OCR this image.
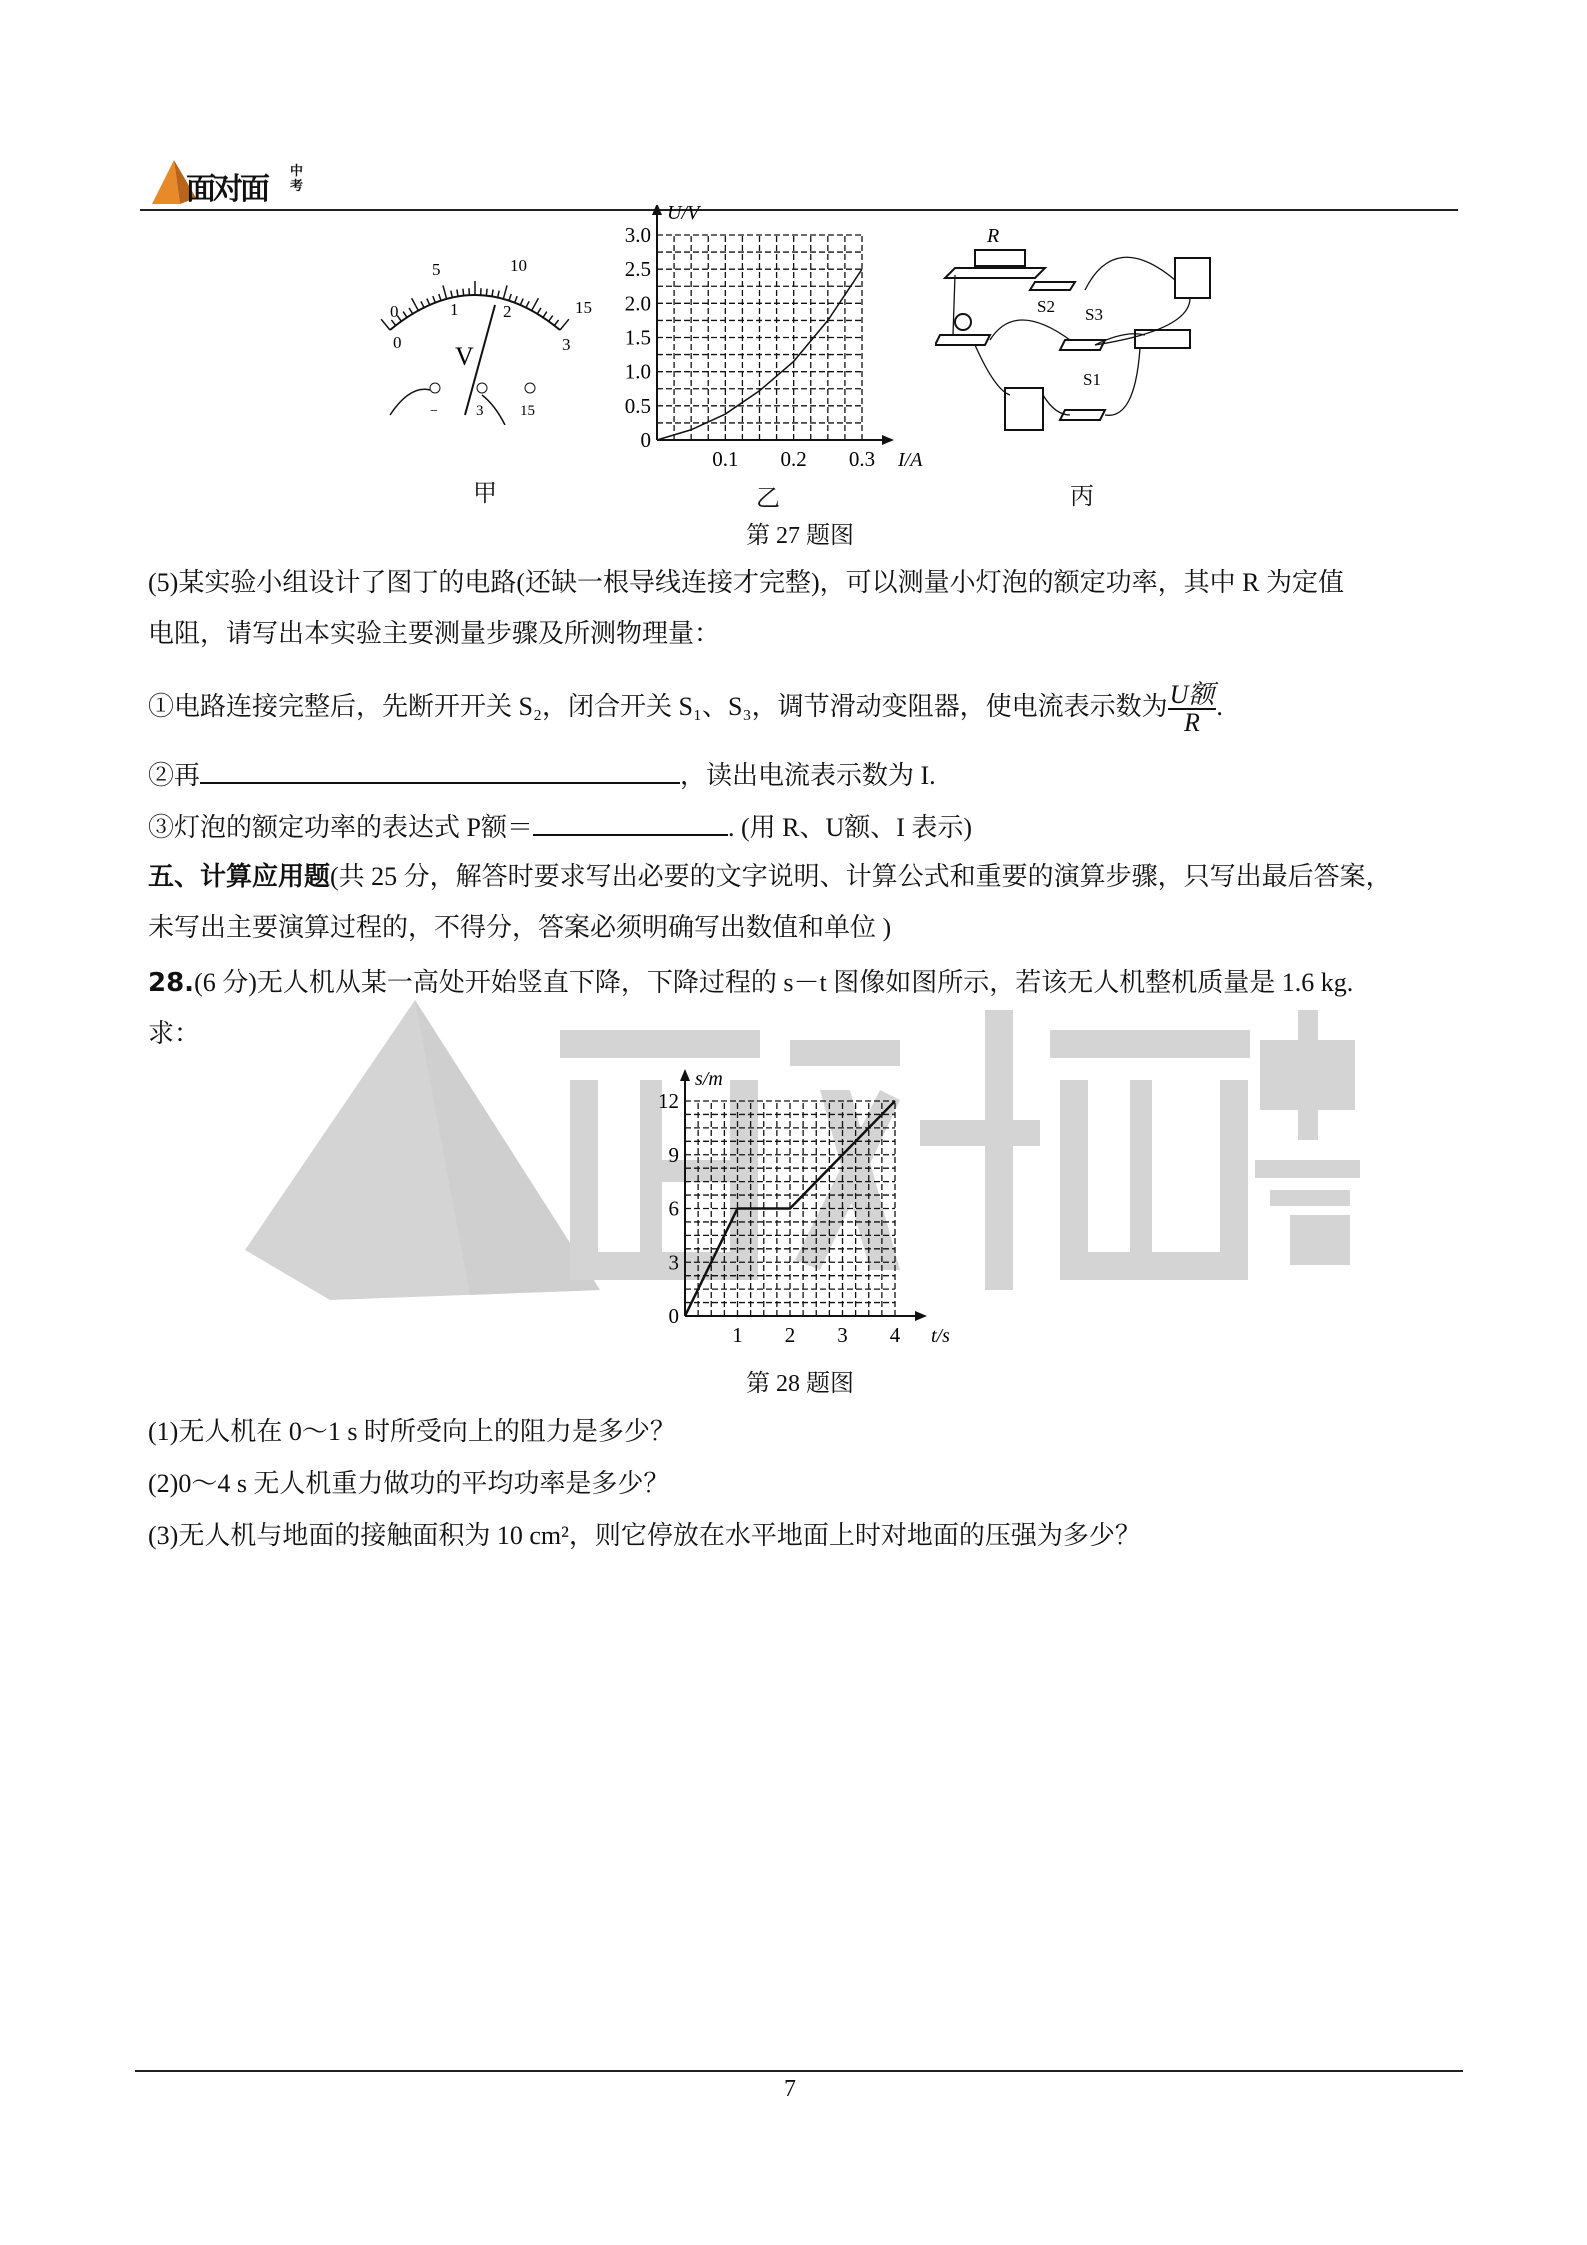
面对面
中考
0
5	10
15
0
1	2
3
V
−	3 15
0.1 0.2 0.3
0
0.5
1.0
1.5
2.0
2.5
3.0
I/A
U/V
R
S2 S3
S1
甲	乙	丙
第 27 题图
(5)某实验小组设计了图丁的电路(还缺一根导线连接才完整)，可以测量小灯泡的额定功率，其中 R 为定值
电阻，请写出本实验主要测量步骤及所测物理量：
①电路连接完整后，先断开开关 S₂，闭合开关 S₁、S₃，调节滑动变阻器，使电流表示数为 $\frac{\text{U额}}{R}$ .
②再	，读出电流表示数为 I.
③灯泡的额定功率的表达式 P额＝	. (用 R、U额、I 表示)
五、计算应用题(共 25 分，解答时要求写出必要的文字说明、计算公式和重要的演算步骤，只写出最后答案，
未写出主要演算过程的，不得分，答案必须明确写出数值和单位 )
28.(6 分)无人机从某一高处开始竖直下降，下降过程的 s－t 图像如图所示，若该无人机整机质量是 1.6 kg.
求：
1 2 3 4
0
3
6
9
12
t/s
s/m
第 28 题图
(1)无人机在 0～1 s 时所受向上的阻力是多少？
(2)0～4 s 无人机重力做功的平均功率是多少？
(3)无人机与地面的接触面积为 10 cm²，则它停放在水平地面上时对地面的压强为多少？
7
